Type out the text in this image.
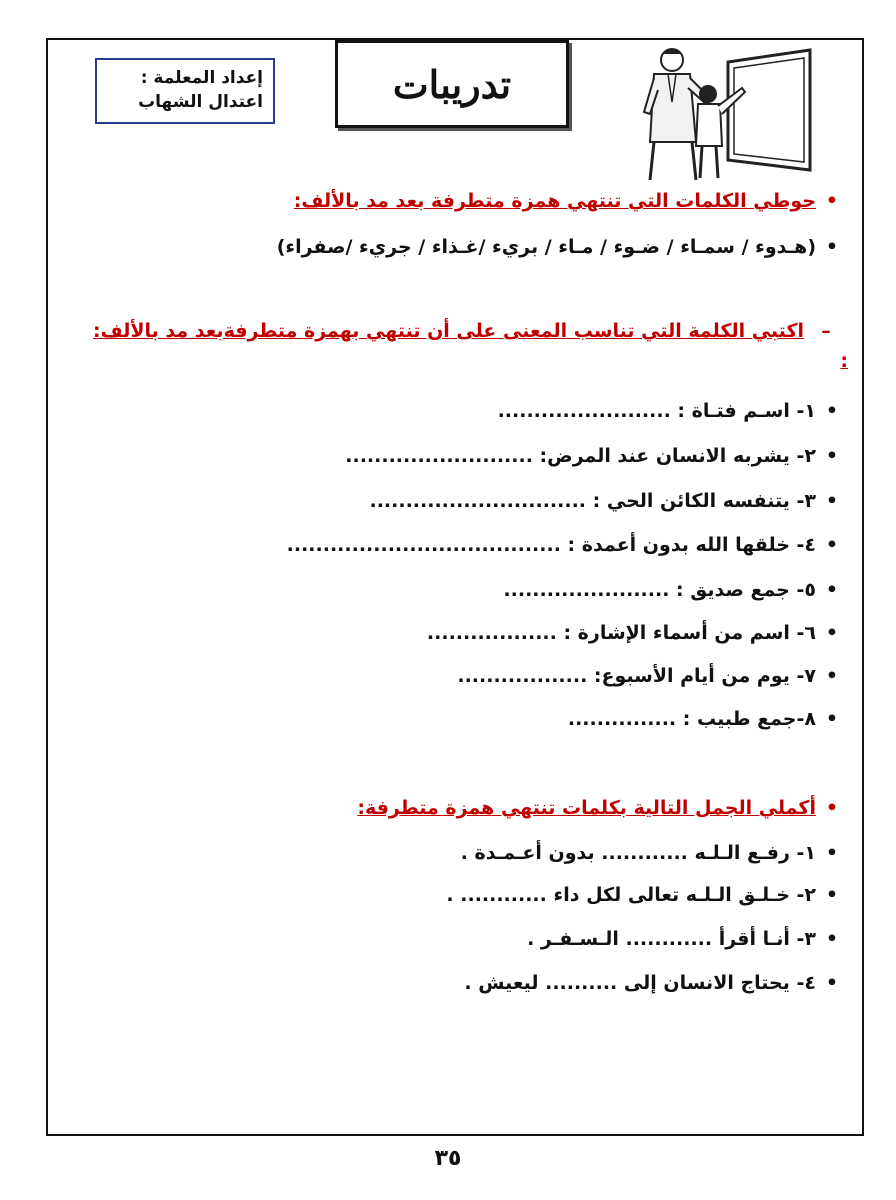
إعداد المعلمة :
اعتدال الشهاب	تدريبات
•حوطي الكلمات التي تنتهي همزة متطرفة بعد مد بالألف:
•(هـدوء / سمـاء / ضـوء / مـاء / بريء /غـذاء / جريء /صفراء)
–اكتبي الكلمة التي تناسب المعنى على أن تنتهي بهمزة متطرفةبعد مد بالألف: :
•١- اسـم فتـاة : ........................
•٢- يشربه الانسان عند المرض: ..........................
•٣- يتنفسه الكائن الحي : ..............................
•٤- خلقها الله بدون أعمدة : ......................................
•٥- جمع صديق : .......................
•٦- اسم من أسماء الإشارة : ..................
•٧- يوم من أيام الأسبوع: ..................
•٨-جمع طبيب : ...............
•أكملي الجمل التالية بكلمات تنتهي همزة متطرفة:
•١- رفـع الـلـه ............ بدون أعـمـدة .
•٢- خـلـق الـلـه تعالى لكل داء ............ .
•٣- أنـا أقرأ ............ الـسـفـر .
•٤- يحتاج الانسان إلى .......... ليعيش .
٣٥
